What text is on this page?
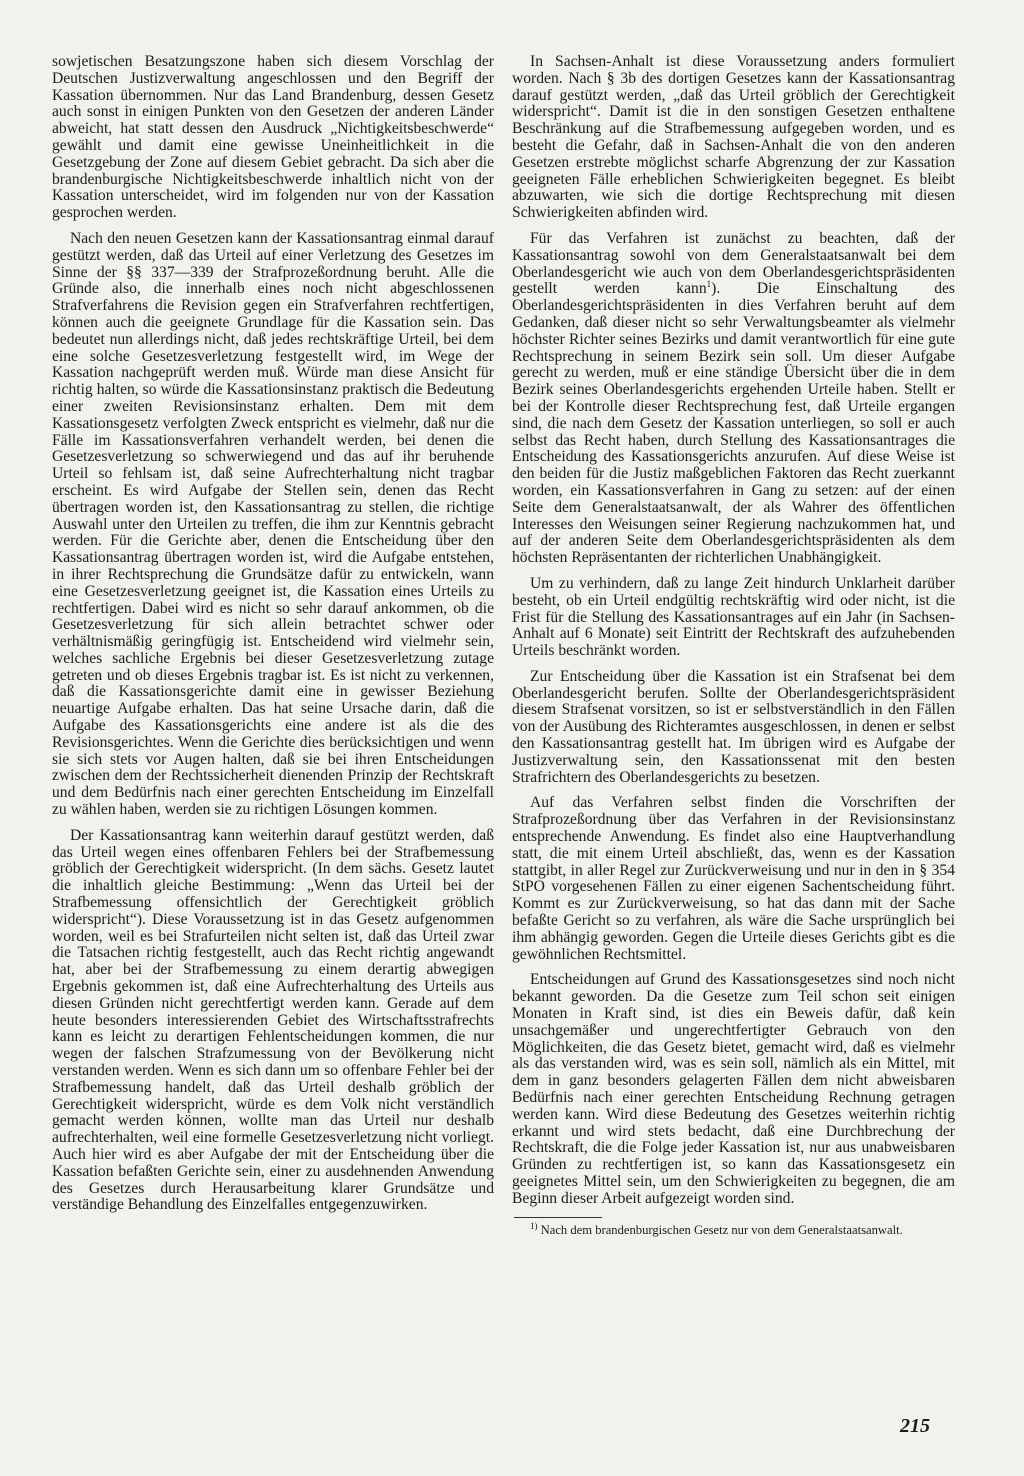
sowjetischen Besatzungszone haben sich diesem Vorschlag der Deutschen Justizverwaltung angeschlossen und den Begriff der Kassation übernommen. Nur das Land Brandenburg, dessen Gesetz auch sonst in einigen Punkten von den Gesetzen der anderen Länder abweicht, hat statt dessen den Ausdruck „Nichtigkeitsbeschwerde“ gewählt und damit eine gewisse Uneinheitlichkeit in die Gesetzgebung der Zone auf diesem Gebiet gebracht. Da sich aber die brandenburgische Nichtigkeitsbeschwerde inhaltlich nicht von der Kassation unterscheidet, wird im folgenden nur von der Kassation gesprochen werden.

Nach den neuen Gesetzen kann der Kassationsantrag einmal darauf gestützt werden, daß das Urteil auf einer Verletzung des Gesetzes im Sinne der §§ 337—339 der Strafprozeßordnung beruht. Alle die Gründe also, die innerhalb eines noch nicht abgeschlossenen Strafverfahrens die Revision gegen ein Strafverfahren rechtfertigen, können auch die geeignete Grundlage für die Kassation sein. Das bedeutet nun allerdings nicht, daß jedes rechtskräftige Urteil, bei dem eine solche Gesetzesverletzung festgestellt wird, im Wege der Kassation nachgeprüft werden muß. Würde man diese Ansicht für richtig halten, so würde die Kassationsinstanz praktisch die Bedeutung einer zweiten Revisionsinstanz erhalten. Dem mit dem Kassationsgesetz verfolgten Zweck entspricht es vielmehr, daß nur die Fälle im Kassationsverfahren verhandelt werden, bei denen die Gesetzesverletzung so schwerwiegend und das auf ihr beruhende Urteil so fehlsam ist, daß seine Aufrechterhaltung nicht tragbar erscheint. Es wird Aufgabe der Stellen sein, denen das Recht übertragen worden ist, den Kassationsantrag zu stellen, die richtige Auswahl unter den Urteilen zu treffen, die ihm zur Kenntnis gebracht werden. Für die Gerichte aber, denen die Entscheidung über den Kassationsantrag übertragen worden ist, wird die Aufgabe entstehen, in ihrer Rechtsprechung die Grundsätze dafür zu entwickeln, wann eine Gesetzesverletzung geeignet ist, die Kassation eines Urteils zu rechtfertigen. Dabei wird es nicht so sehr darauf ankommen, ob die Gesetzesverletzung für sich allein betrachtet schwer oder verhältnismäßig geringfügig ist. Entscheidend wird vielmehr sein, welches sachliche Ergebnis bei dieser Gesetzesverletzung zutage getreten und ob dieses Ergebnis tragbar ist. Es ist nicht zu verkennen, daß die Kassationsgerichte damit eine in gewisser Beziehung neuartige Aufgabe erhalten. Das hat seine Ursache darin, daß die Aufgabe des Kassationsgerichts eine andere ist als die des Revisionsgerichtes. Wenn die Gerichte dies berücksichtigen und wenn sie sich stets vor Augen halten, daß sie bei ihren Entscheidungen zwischen dem der Rechtssicherheit dienenden Prinzip der Rechtskraft und dem Bedürfnis nach einer gerechten Entscheidung im Einzelfall zu wählen haben, werden sie zu richtigen Lösungen kommen.

Der Kassationsantrag kann weiterhin darauf gestützt werden, daß das Urteil wegen eines offenbaren Fehlers bei der Strafbemessung gröblich der Gerechtigkeit widerspricht. (In dem sächs. Gesetz lautet die inhaltlich gleiche Bestimmung: „Wenn das Urteil bei der Strafbemessung offensichtlich der Gerechtigkeit gröblich widerspricht“). Diese Voraussetzung ist in das Gesetz aufgenommen worden, weil es bei Strafurteilen nicht selten ist, daß das Urteil zwar die Tatsachen richtig festgestellt, auch das Recht richtig angewandt hat, aber bei der Strafbemessung zu einem derartig abwegigen Ergebnis gekommen ist, daß eine Aufrechterhaltung des Urteils aus diesen Gründen nicht gerechtfertigt werden kann. Gerade auf dem heute besonders interessierenden Gebiet des Wirtschaftsstrafrechts kann es leicht zu derartigen Fehlentscheidungen kommen, die nur wegen der falschen Strafzumessung von der Bevölkerung nicht verstanden werden. Wenn es sich dann um so offenbare Fehler bei der Strafbemessung handelt, daß das Urteil deshalb gröblich der Gerechtigkeit widerspricht, würde es dem Volk nicht verständlich gemacht werden können, wollte man das Urteil nur deshalb aufrechterhalten, weil eine formelle Gesetzesverletzung nicht vorliegt. Auch hier wird es aber Aufgabe der mit der Entscheidung über die Kassation befaßten Gerichte sein, einer zu ausdehnenden Anwendung des Gesetzes durch Herausarbeitung klarer Grundsätze und verständige Behandlung des Einzelfalles entgegenzuwirken.

In Sachsen-Anhalt ist diese Voraussetzung anders formuliert worden. Nach § 3b des dortigen Gesetzes kann der Kassationsantrag darauf gestützt werden, „daß das Urteil gröblich der Gerechtigkeit widerspricht“. Damit ist die in den sonstigen Gesetzen enthaltene Beschränkung auf die Strafbemessung aufgegeben worden, und es besteht die Gefahr, daß in Sachsen-Anhalt die von den anderen Gesetzen erstrebte möglichst scharfe Abgrenzung der zur Kassation geeigneten Fälle erheblichen Schwierigkeiten begegnet. Es bleibt abzuwarten, wie sich die dortige Rechtsprechung mit diesen Schwierigkeiten abfinden wird.

Für das Verfahren ist zunächst zu beachten, daß der Kassationsantrag sowohl von dem Generalstaatsanwalt bei dem Oberlandesgericht wie auch von dem Oberlandesgerichtspräsidenten gestellt werden kann$^1$). Die Einschaltung des Oberlandesgerichtspräsidenten in dies Verfahren beruht auf dem Gedanken, daß dieser nicht so sehr Verwaltungsbeamter als vielmehr höchster Richter seines Bezirks und damit verantwortlich für eine gute Rechtsprechung in seinem Bezirk sein soll. Um dieser Aufgabe gerecht zu werden, muß er eine ständige Übersicht über die in dem Bezirk seines Oberlandesgerichts ergehenden Urteile haben. Stellt er bei der Kontrolle dieser Rechtsprechung fest, daß Urteile ergangen sind, die nach dem Gesetz der Kassation unterliegen, so soll er auch selbst das Recht haben, durch Stellung des Kassationsantrages die Entscheidung des Kassationsgerichts anzurufen. Auf diese Weise ist den beiden für die Justiz maßgeblichen Faktoren das Recht zuerkannt worden, ein Kassationsverfahren in Gang zu setzen: auf der einen Seite dem Generalstaatsanwalt, der als Wahrer des öffentlichen Interesses den Weisungen seiner Regierung nachzukommen hat, und auf der anderen Seite dem Oberlandesgerichtspräsidenten als dem höchsten Repräsentanten der richterlichen Unabhängigkeit.

Um zu verhindern, daß zu lange Zeit hindurch Unklarheit darüber besteht, ob ein Urteil endgültig rechtskräftig wird oder nicht, ist die Frist für die Stellung des Kassationsantrages auf ein Jahr (in Sachsen-Anhalt auf 6 Monate) seit Eintritt der Rechtskraft des aufzuhebenden Urteils beschränkt worden.

Zur Entscheidung über die Kassation ist ein Strafsenat bei dem Oberlandesgericht berufen. Sollte der Oberlandesgerichtspräsident diesem Strafsenat vorsitzen, so ist er selbstverständlich in den Fällen von der Ausübung des Richteramtes ausgeschlossen, in denen er selbst den Kassationsantrag gestellt hat. Im übrigen wird es Aufgabe der Justizverwaltung sein, den Kassationssenat mit den besten Strafrichtern des Oberlandesgerichts zu besetzen.

Auf das Verfahren selbst finden die Vorschriften der Strafprozeßordnung über das Verfahren in der Revisionsinstanz entsprechende Anwendung. Es findet also eine Hauptverhandlung statt, die mit einem Urteil abschließt, das, wenn es der Kassation stattgibt, in aller Regel zur Zurückverweisung und nur in den in § 354 StPO vorgesehenen Fällen zu einer eigenen Sachentscheidung führt. Kommt es zur Zurückverweisung, so hat das dann mit der Sache befaßte Gericht so zu verfahren, als wäre die Sache ursprünglich bei ihm abhängig geworden. Gegen die Urteile dieses Gerichts gibt es die gewöhnlichen Rechtsmittel.

Entscheidungen auf Grund des Kassationsgesetzes sind noch nicht bekannt geworden. Da die Gesetze zum Teil schon seit einigen Monaten in Kraft sind, ist dies ein Beweis dafür, daß kein unsachgemäßer und ungerechtfertigter Gebrauch von den Möglichkeiten, die das Gesetz bietet, gemacht wird, daß es vielmehr als das verstanden wird, was es sein soll, nämlich als ein Mittel, mit dem in ganz besonders gelagerten Fällen dem nicht abweisbaren Bedürfnis nach einer gerechten Entscheidung Rechnung getragen werden kann. Wird diese Bedeutung des Gesetzes weiterhin richtig erkannt und wird stets bedacht, daß eine Durchbrechung der Rechtskraft, die die Folge jeder Kassation ist, nur aus unabweisbaren Gründen zu rechtfertigen ist, so kann das Kassationsgesetz ein geeignetes Mittel sein, um den Schwierigkeiten zu begegnen, die am Beginn dieser Arbeit aufgezeigt worden sind.

$^{1)}$ Nach dem brandenburgischen Gesetz nur von dem Generalstaatsanwalt.

215
